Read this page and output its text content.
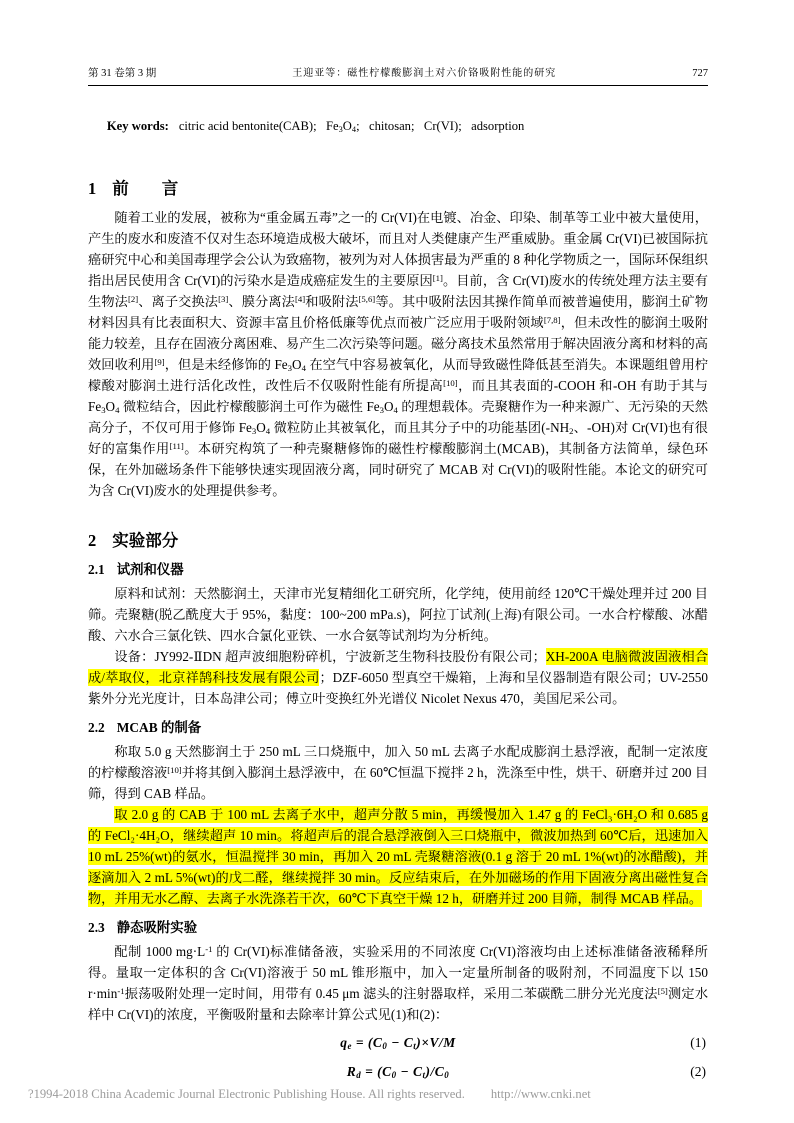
第 31 卷第 3 期	王迎亚等：磁性柠檬酸膨润土对六价铬吸附性能的研究	727

Key words: citric acid bentonite(CAB);   $Fe_3O_4$;   chitosan;   Cr(VI);   adsorption

1 前　　言

随着工业的发展，被称为“重金属五毒”之一的 Cr(VI)在电镀、冶金、印染、制革等工业中被大量使用，产生的废水和废渣不仅对生态环境造成极大破坏，而且对人类健康产生严重威胁。重金属 Cr(VI)已被国际抗癌研究中心和美国毒理学会公认为致癌物，被列为对人体损害最为严重的 8 种化学物质之一，国际环保组织指出居民使用含 Cr(VI)的污染水是造成癌症发生的主要原因[1]。目前，含 Cr(VI)废水的传统处理方法主要有生物法[2]、离子交换法[3]、膜分离法[4]和吸附法[5,6]等。其中吸附法因其操作简单而被普遍使用，膨润土矿物材料因具有比表面积大、资源丰富且价格低廉等优点而被广泛应用于吸附领域[7,8]，但未改性的膨润土吸附能力较差，且存在固液分离困难、易产生二次污染等问题。磁分离技术虽然常用于解决固液分离和材料的高效回收利用[9]，但是未经修饰的 $Fe_3O_4$ 在空气中容易被氧化，从而导致磁性降低甚至消失。本课题组曾用柠檬酸对膨润土进行活化改性，改性后不仅吸附性能有所提高[10]，而且其表面的-COOH 和-OH 有助于其与 $Fe_3O_4$ 微粒结合，因此柠檬酸膨润土可作为磁性 $Fe_3O_4$ 的理想载体。壳聚糖作为一种来源广、无污染的天然高分子，不仅可用于修饰 $Fe_3O_4$ 微粒防止其被氧化，而且其分子中的功能基团($-NH_2$、-OH)对 Cr(VI)也有很好的富集作用[11]。本研究构筑了一种壳聚糖修饰的磁性柠檬酸膨润土(MCAB)，其制备方法简单，绿色环保，在外加磁场条件下能够快速实现固液分离，同时研究了 MCAB 对 Cr(VI)的吸附性能。本论文的研究可为含 Cr(VI)废水的处理提供参考。

2 实验部分
2.1 试剂和仪器

原料和试剂：天然膨润土，天津市光复精细化工研究所，化学纯，使用前经 120℃干燥处理并过 200 目筛。壳聚糖(脱乙酰度大于 95%，黏度：100~200 mPa.s)，阿拉丁试剂(上海)有限公司。一水合柠檬酸、冰醋酸、六水合三氯化铁、四水合氯化亚铁、一水合氨等试剂均为分析纯。

设备：JY992-ⅡDN 超声波细胞粉碎机，宁波新芝生物科技股份有限公司；XH-200A 电脑微波固液相合成/萃取仪，北京祥鹄科技发展有限公司；DZF-6050 型真空干燥箱，上海和呈仪器制造有限公司；UV-2550 紫外分光光度计，日本岛津公司；傅立叶变换红外光谱仪 Nicolet Nexus 470，美国尼采公司。

2.2 MCAB 的制备

称取 5.0 g 天然膨润土于 250 mL 三口烧瓶中，加入 50 mL 去离子水配成膨润土悬浮液，配制一定浓度的柠檬酸溶液[10]并将其倒入膨润土悬浮液中，在 60℃恒温下搅拌 2 h，洗涤至中性，烘干、研磨并过 200 目筛，得到 CAB 样品。

取 2.0 g 的 CAB 于 100 mL 去离子水中，超声分散 5 min，再缓慢加入 1.47 g 的 FeCl₃·6H₂O 和 0.685 g 的 FeCl₂·4H₂O，继续超声 10 min。将超声后的混合悬浮液倒入三口烧瓶中，微波加热到 60℃后，迅速加入 10 mL 25%(wt)的氨水，恒温搅拌 30 min，再加入 20 mL 壳聚糖溶液(0.1 g 溶于 20 mL 1%(wt)的冰醋酸)，并逐滴加入 2 mL 5%(wt)的戊二醛，继续搅拌 30 min。反应结束后，在外加磁场的作用下固液分离出磁性复合物，并用无水乙醇、去离子水洗涤若干次，60℃下真空干燥 12 h，研磨并过 200 目筛，制得 MCAB 样品。

2.3 静态吸附实验

配制 1000 $mg\cdot L^{-1}$ 的 Cr(VI)标准储备液，实验采用的不同浓度 Cr(VI)溶液均由上述标准储备液稀释所得。量取一定体积的含 Cr(VI)溶液于 50 mL 锥形瓶中，加入一定量所制备的吸附剂，不同温度下以 150 $r\cdot\min^{-1}$振荡吸附处理一定时间，用带有 0.45 μm 滤头的注射器取样，采用二苯碳酰二肼分光光度法[5]测定水样中 Cr(VI)的浓度，平衡吸附量和去除率计算公式见(1)和(2)：

$q_e = (C_0 - C_t)\times V/M$	(1)
$R_d = (C_0 - C_t)/C_0$	(2)
?1994-2018 China Academic Journal Electronic Publishing House. All rights reserved. http://www.cnki.net
